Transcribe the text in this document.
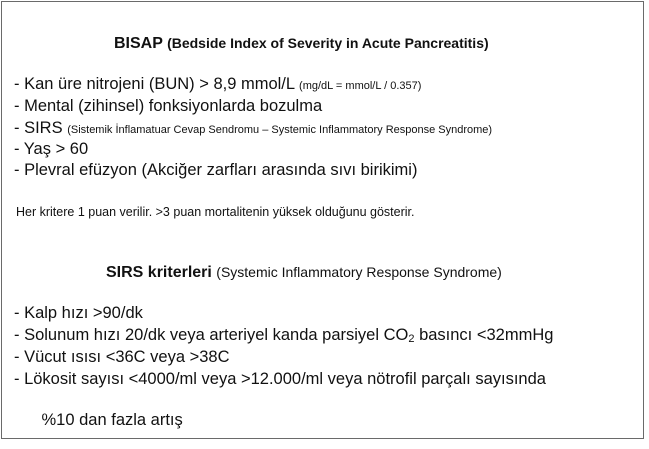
BISAP (Bedside Index of Severity in Acute Pancreatitis)
- Kan üre nitrojeni (BUN) > 8,9 mmol/L (mg/dL = mmol/L / 0.357)
- Mental (zihinsel) fonksiyonlarda bozulma
- SIRS (Sistemik İnflamatuar Cevap Sendromu – Systemic Inflammatory Response Syndrome)
- Yaş > 60
- Plevral efüzyon (Akciğer zarfları arasında sıvı birikimi)
Her kritere 1 puan verilir. >3 puan mortalitenin yüksek olduğunu gösterir.
SIRS kriterleri (Systemic Inflammatory Response Syndrome)
- Kalp hızı >90/dk
- Solunum hızı 20/dk veya arteriyel kanda parsiyel $CO_2$ basıncı <32mmHg
- Vücut ısısı <36C veya >38C
- Lökosit sayısı <4000/ml veya >12.000/ml veya nötrofil parçalı sayısında

%10 dan fazla artış
